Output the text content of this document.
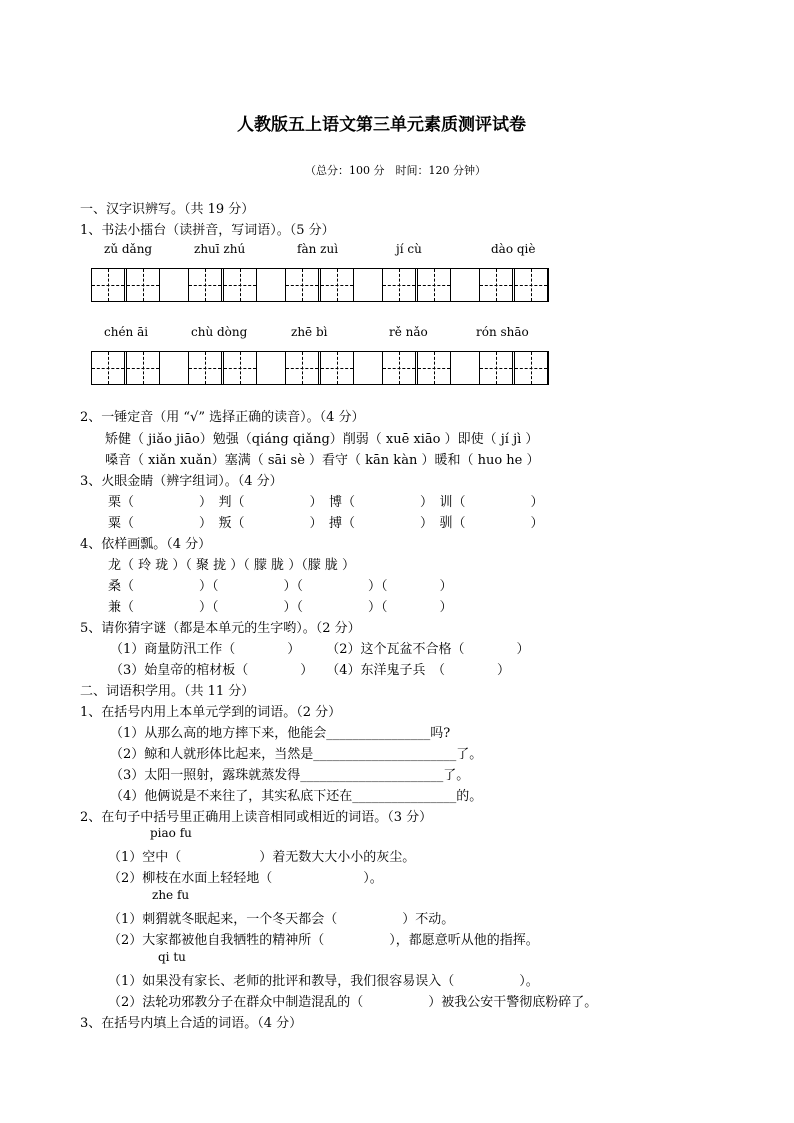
人教版五上语文第三单元素质测评试卷
（总分：100 分　时间：120 分钟）
一、汉字识辨写。（共 19 分）
1、书法小擂台（读拼音，写词语）。（5 分）
zǔ dǎng	zhuī zhú	fàn zuì	jí cù	dào qiè
chén āi	chù dòng	zhē bì	rě nǎo	rón shāo
2、一锤定音（用 “√” 选择正确的读音）。（4 分）
矫健（ jiǎo jiāo）勉强（qiáng qiǎng）削弱（ xuē xiāo ）即使（ jí jì ）
嗓音（ xiǎn xuǎn）塞满（ sāi sè ）看守（ kān kàn ）暖和（ huo he ）
3、火眼金睛（辨字组词）。（4 分）
栗（　　　　　）　判（　　　　　）　博（　　　　　）　训（　　　　　）
粟（　　　　　）　叛（　　　　　）　搏（　　　　　）　驯（　　　　　）
4、依样画瓢。（4 分）
龙（ 玲 珑 ）（ 聚 拢 ）（ 朦 胧 ）（朦 胧 ）
桑（　　　　　）（　　　　　）（　　　　　）（　　　　）
兼（　　　　　）（　　　　　）（　　　　　）（　　　　）
5、请你猜字谜（都是本单元的生字哟）。（2 分）
（1）商量防汛工作（　　　　）　　　（2）这个瓦盆不合格（　　　　）
（3）始皇帝的棺材板（　　　　）　　（4）东洋鬼子兵　（　　　　）
二、词语积学用。（共 11 分）
1、在括号内用上本单元学到的词语。（2 分）
（1）从那么高的地方摔下来，他能会________________吗?
（2）鲸和人就形体比起来，当然是______________________了。
（3）太阳一照射，露珠就蒸发得______________________了。
（4）他俩说是不来往了，其实私底下还在________________的。
2、在句子中括号里正确用上读音相同或相近的词语。（3 分）
piao fu
（1）空中（　　　　　　）着无数大大小小的灰尘。
（2）柳枝在水面上轻轻地（　　　　　　　）。
zhe fu
（1）刺猬就冬眠起来，一个冬天都会（　　　　　）不动。
（2）大家都被他自我牺牲的精神所（　　　　　），都愿意听从他的指挥。
qi tu
（1）如果没有家长、老师的批评和教导，我们很容易误入（　　　　　）。
（2）法轮功邪教分子在群众中制造混乱的（　　　　　）被我公安干警彻底粉碎了。
3、在括号内填上合适的词语。（4 分）
